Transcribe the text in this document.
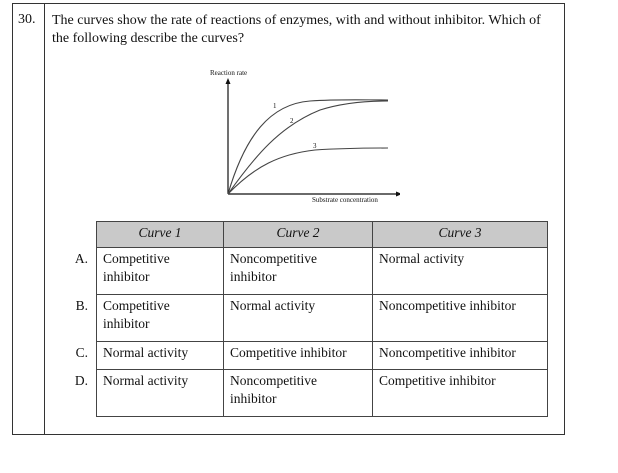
30. The curves show the rate of reactions of enzymes, with and without inhibitor. Which of the following describe the curves?
Reaction rate
Substrate concentration
1
2
3
	Curve 1	Curve 2	Curve 3
A.	Competitive inhibitor	Noncompetitive inhibitor	Normal activity
B.	Competitive inhibitor	Normal activity	Noncompetitive inhibitor
C.	Normal activity	Competitive inhibitor	Noncompetitive inhibitor
D.	Normal activity	Noncompetitive inhibitor	Competitive inhibitor
